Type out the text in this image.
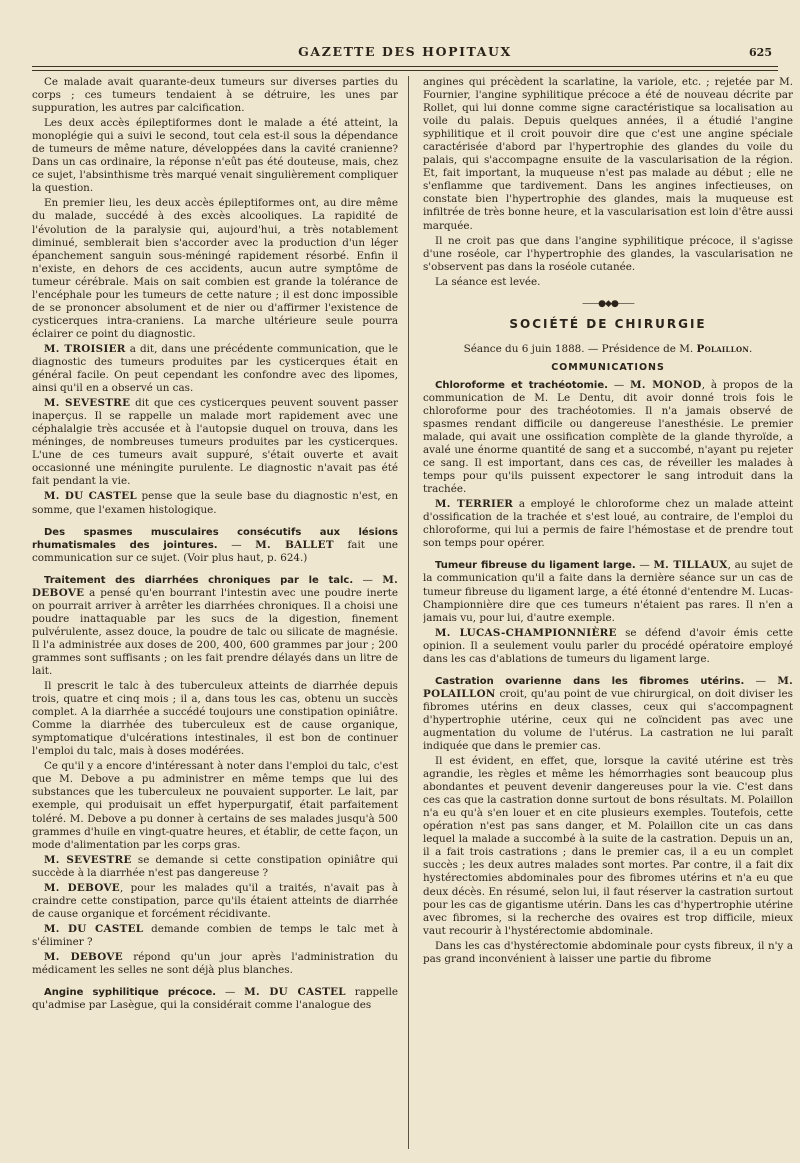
GAZETTE DES HOPITAUX	625

Ce malade avait quarante-deux tumeurs sur diverses parties du corps ; ces tumeurs tendaient à se détruire, les unes par suppuration, les autres par calcification.

Les deux accès épileptiformes dont le malade a été atteint, la monoplégie qui a suivi le second, tout cela est-il sous la dépendance de tumeurs de même nature, développées dans la cavité cranienne? Dans un cas ordinaire, la réponse n'eût pas été douteuse, mais, chez ce sujet, l'absinthisme très marqué venait singulièrement compliquer la question.

En premier lieu, les deux accès épileptiformes ont, au dire même du malade, succédé à des excès alcooliques. La rapidité de l'évolution de la paralysie qui, aujourd'hui, a très notablement diminué, semblerait bien s'accorder avec la production d'un léger épanchement sanguin sous-méningé rapidement résorbé. Enfin il n'existe, en dehors de ces accidents, aucun autre symptôme de tumeur cérébrale. Mais on sait combien est grande la tolérance de l'encéphale pour les tumeurs de cette nature ; il est donc impossible de se prononcer absolument et de nier ou d'affirmer l'existence de cysticerques intra-craniens. La marche ultérieure seule pourra éclairer ce point du diagnostic.

M. TROISIER a dit, dans une précédente communication, que le diagnostic des tumeurs produites par les cysticerques était en général facile. On peut cependant les confondre avec des lipomes, ainsi qu'il en a observé un cas.

M. SEVESTRE dit que ces cysticerques peuvent souvent passer inaperçus. Il se rappelle un malade mort rapidement avec une céphalalgie très accusée et à l'autopsie duquel on trouva, dans les méninges, de nombreuses tumeurs produites par les cysticerques. L'une de ces tumeurs avait suppuré, s'était ouverte et avait occasionné une méningite purulente. Le diagnostic n'avait pas été fait pendant la vie.

M. DU CASTEL pense que la seule base du diagnostic n'est, en somme, que l'examen histologique.

Des spasmes musculaires consécutifs aux lésions rhumatismales des jointures. — M. BALLET fait une communication sur ce sujet. (Voir plus haut, p. 624.)

Traitement des diarrhées chroniques par le talc. — M. DEBOVE a pensé qu'en bourrant l'intestin avec une poudre inerte on pourrait arriver à arrêter les diarrhées chroniques. Il a choisi une poudre inattaquable par les sucs de la digestion, finement pulvérulente, assez douce, la poudre de talc ou silicate de magnésie. Il l'a administrée aux doses de 200, 400, 600 grammes par jour ; 200 grammes sont suffisants ; on les fait prendre délayés dans un litre de lait.

Il prescrit le talc à des tuberculeux atteints de diarrhée depuis trois, quatre et cinq mois ; il a, dans tous les cas, obtenu un succès complet. A la diarrhée a succédé toujours une constipation opiniâtre. Comme la diarrhée des tuberculeux est de cause organique, symptomatique d'ulcérations intestinales, il est bon de continuer l'emploi du talc, mais à doses modérées.

Ce qu'il y a encore d'intéressant à noter dans l'emploi du talc, c'est que M. Debove a pu administrer en même temps que lui des substances que les tuberculeux ne pouvaient supporter. Le lait, par exemple, qui produisait un effet hyperpurgatif, était parfaitement toléré. M. Debove a pu donner à certains de ses malades jusqu'à 500 grammes d'huile en vingt-quatre heures, et établir, de cette façon, un mode d'alimentation par les corps gras.

M. SEVESTRE se demande si cette constipation opiniâtre qui succède à la diarrhée n'est pas dangereuse ?

M. DEBOVE, pour les malades qu'il a traités, n'avait pas à craindre cette constipation, parce qu'ils étaient atteints de diarrhée de cause organique et forcément récidivante.

M. DU CASTEL demande combien de temps le talc met à s'éliminer ?

M. DEBOVE répond qu'un jour après l'administration du médicament les selles ne sont déjà plus blanches.

Angine syphilitique précoce. — M. DU CASTEL rappelle qu'admise par Lasègue, qui la considérait comme l'analogue des

angines qui précèdent la scarlatine, la variole, etc. ; rejetée par M. Fournier, l'angine syphilitique précoce a été de nouveau décrite par Rollet, qui lui donne comme signe caractéristique sa localisation au voile du palais. Depuis quelques années, il a étudié l'angine syphilitique et il croit pouvoir dire que c'est une angine spéciale caractérisée d'abord par l'hypertrophie des glandes du voile du palais, qui s'accompagne ensuite de la vascularisation de la région. Et, fait important, la muqueuse n'est pas malade au début ; elle ne s'enflamme que tardivement. Dans les angines infectieuses, on constate bien l'hypertrophie des glandes, mais la muqueuse est infiltrée de très bonne heure, et la vascularisation est loin d'être aussi marquée.

Il ne croit pas que dans l'angine syphilitique précoce, il s'agisse d'une roséole, car l'hypertrophie des glandes, la vascularisation ne s'observent pas dans la roséole cutanée.

La séance est levée.

——●◆●——
SOCIÉTÉ DE CHIRURGIE

Séance du 6 juin 1888. — Présidence de M. Polaillon.

COMMUNICATIONS

Chloroforme et trachéotomie. — M. MONOD, à propos de la communication de M. Le Dentu, dit avoir donné trois fois le chloroforme pour des trachéotomies. Il n'a jamais observé de spasmes rendant difficile ou dangereuse l'anesthésie. Le premier malade, qui avait une ossification complète de la glande thyroïde, a avalé une énorme quantité de sang et a succombé, n'ayant pu rejeter ce sang. Il est important, dans ces cas, de réveiller les malades à temps pour qu'ils puissent expectorer le sang introduit dans la trachée.

M. TERRIER a employé le chloroforme chez un malade atteint d'ossification de la trachée et s'est loué, au contraire, de l'emploi du chloroforme, qui lui a permis de faire l'hémostase et de prendre tout son temps pour opérer.

Tumeur fibreuse du ligament large. — M. TILLAUX, au sujet de la communication qu'il a faite dans la dernière séance sur un cas de tumeur fibreuse du ligament large, a été étonné d'entendre M. Lucas-Championnière dire que ces tumeurs n'étaient pas rares. Il n'en a jamais vu, pour lui, d'autre exemple.

M. LUCAS-CHAMPIONNIÈRE se défend d'avoir émis cette opinion. Il a seulement voulu parler du procédé opératoire employé dans les cas d'ablations de tumeurs du ligament large.

Castration ovarienne dans les fibromes utérins. — M. POLAILLON croit, qu'au point de vue chirurgical, on doit diviser les fibromes utérins en deux classes, ceux qui s'accompagnent d'hypertrophie utérine, ceux qui ne coïncident pas avec une augmentation du volume de l'utérus. La castration ne lui paraît indiquée que dans le premier cas.

Il est évident, en effet, que, lorsque la cavité utérine est très agrandie, les règles et même les hémorrhagies sont beaucoup plus abondantes et peuvent devenir dangereuses pour la vie. C'est dans ces cas que la castration donne surtout de bons résultats. M. Polaillon n'a eu qu'à s'en louer et en cite plusieurs exemples. Toutefois, cette opération n'est pas sans danger, et M. Polaillon cite un cas dans lequel la malade a succombé à la suite de la castration. Depuis un an, il a fait trois castrations ; dans le premier cas, il a eu un complet succès ; les deux autres malades sont mortes. Par contre, il a fait dix hystérectomies abdominales pour des fibromes utérins et n'a eu que deux décès. En résumé, selon lui, il faut réserver la castration surtout pour les cas de gigantisme utérin. Dans les cas d'hypertrophie utérine avec fibromes, si la recherche des ovaires est trop difficile, mieux vaut recourir à l'hystérectomie abdominale.

Dans les cas d'hystérectomie abdominale pour cysts fibreux, il n'y a pas grand inconvénient à laisser une partie du fibrome
